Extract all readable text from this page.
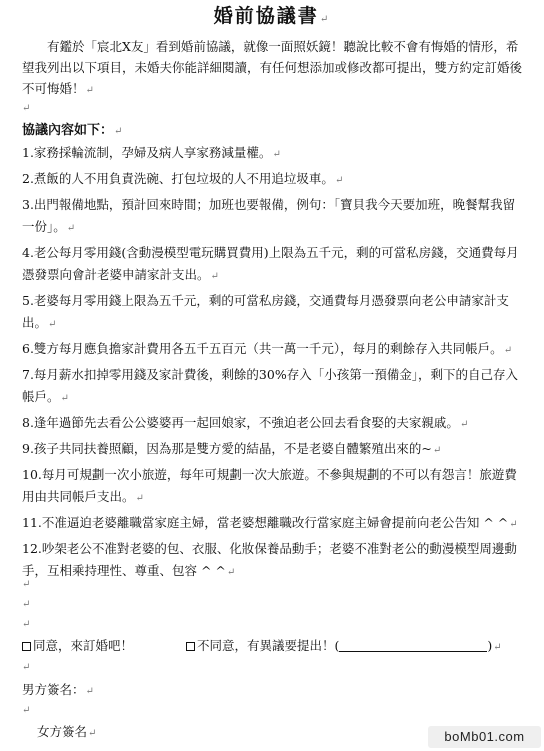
婚前協議書↵

有鑑於「宸北X友」看到婚前協議，就像一面照妖鏡！聽說比較不會有悔婚的情形，希望我列出以下項目，未婚夫你能詳細閱讀，有任何想添加或修改都可提出，雙方約定訂婚後不可悔婚！↵

↵

協議內容如下：↵

1.家務採輪流制，孕婦及病人享家務減量權。↵
2.煮飯的人不用負責洗碗、打包垃圾的人不用追垃圾車。↵
3.出門報備地點，預計回來時間；加班也要報備，例句：「寶貝我今天要加班，晚餐幫我留一份」。↵
4.老公每月零用錢(含動漫模型電玩購買費用)上限為五千元，剩的可當私房錢，交通費每月憑發票向會計老婆申請家計支出。↵
5.老婆每月零用錢上限為五千元，剩的可當私房錢，交通費每月憑發票向老公申請家計支出。↵
6.雙方每月應負擔家計費用各五千五百元（共一萬一千元），每月的剩餘存入共同帳戶。↵
7.每月薪水扣掉零用錢及家計費後，剩餘的30%存入「小孩第一預備金」，剩下的自己存入帳戶。↵
8.逢年過節先去看公公婆婆再一起回娘家，不強迫老公回去看食娶的夫家親戚。↵
9.孩子共同扶養照顧，因為那是雙方愛的結晶，不是老婆自體繁殖出來的~↵
10.每月可規劃一次小旅遊，每年可規劃一次大旅遊。不參與規劃的不可以有怨言！旅遊費用由共同帳戶支出。↵
11.不准逼迫老婆離職當家庭主婦，當老婆想離職改行當家庭主婦會提前向老公告知 ^ ^↵
12.吵架老公不准對老婆的包、衣服、化妝保養品動手；老婆不准對老公的動漫模型周邊動手，互相乘持理性、尊重、包容 ^ ^↵
↵
↵
↵
同意，來訂婚吧！	不同意，有異議要提出！(	)↵
↵
男方簽名：↵
↵
女方簽名↵	boMb01.com
